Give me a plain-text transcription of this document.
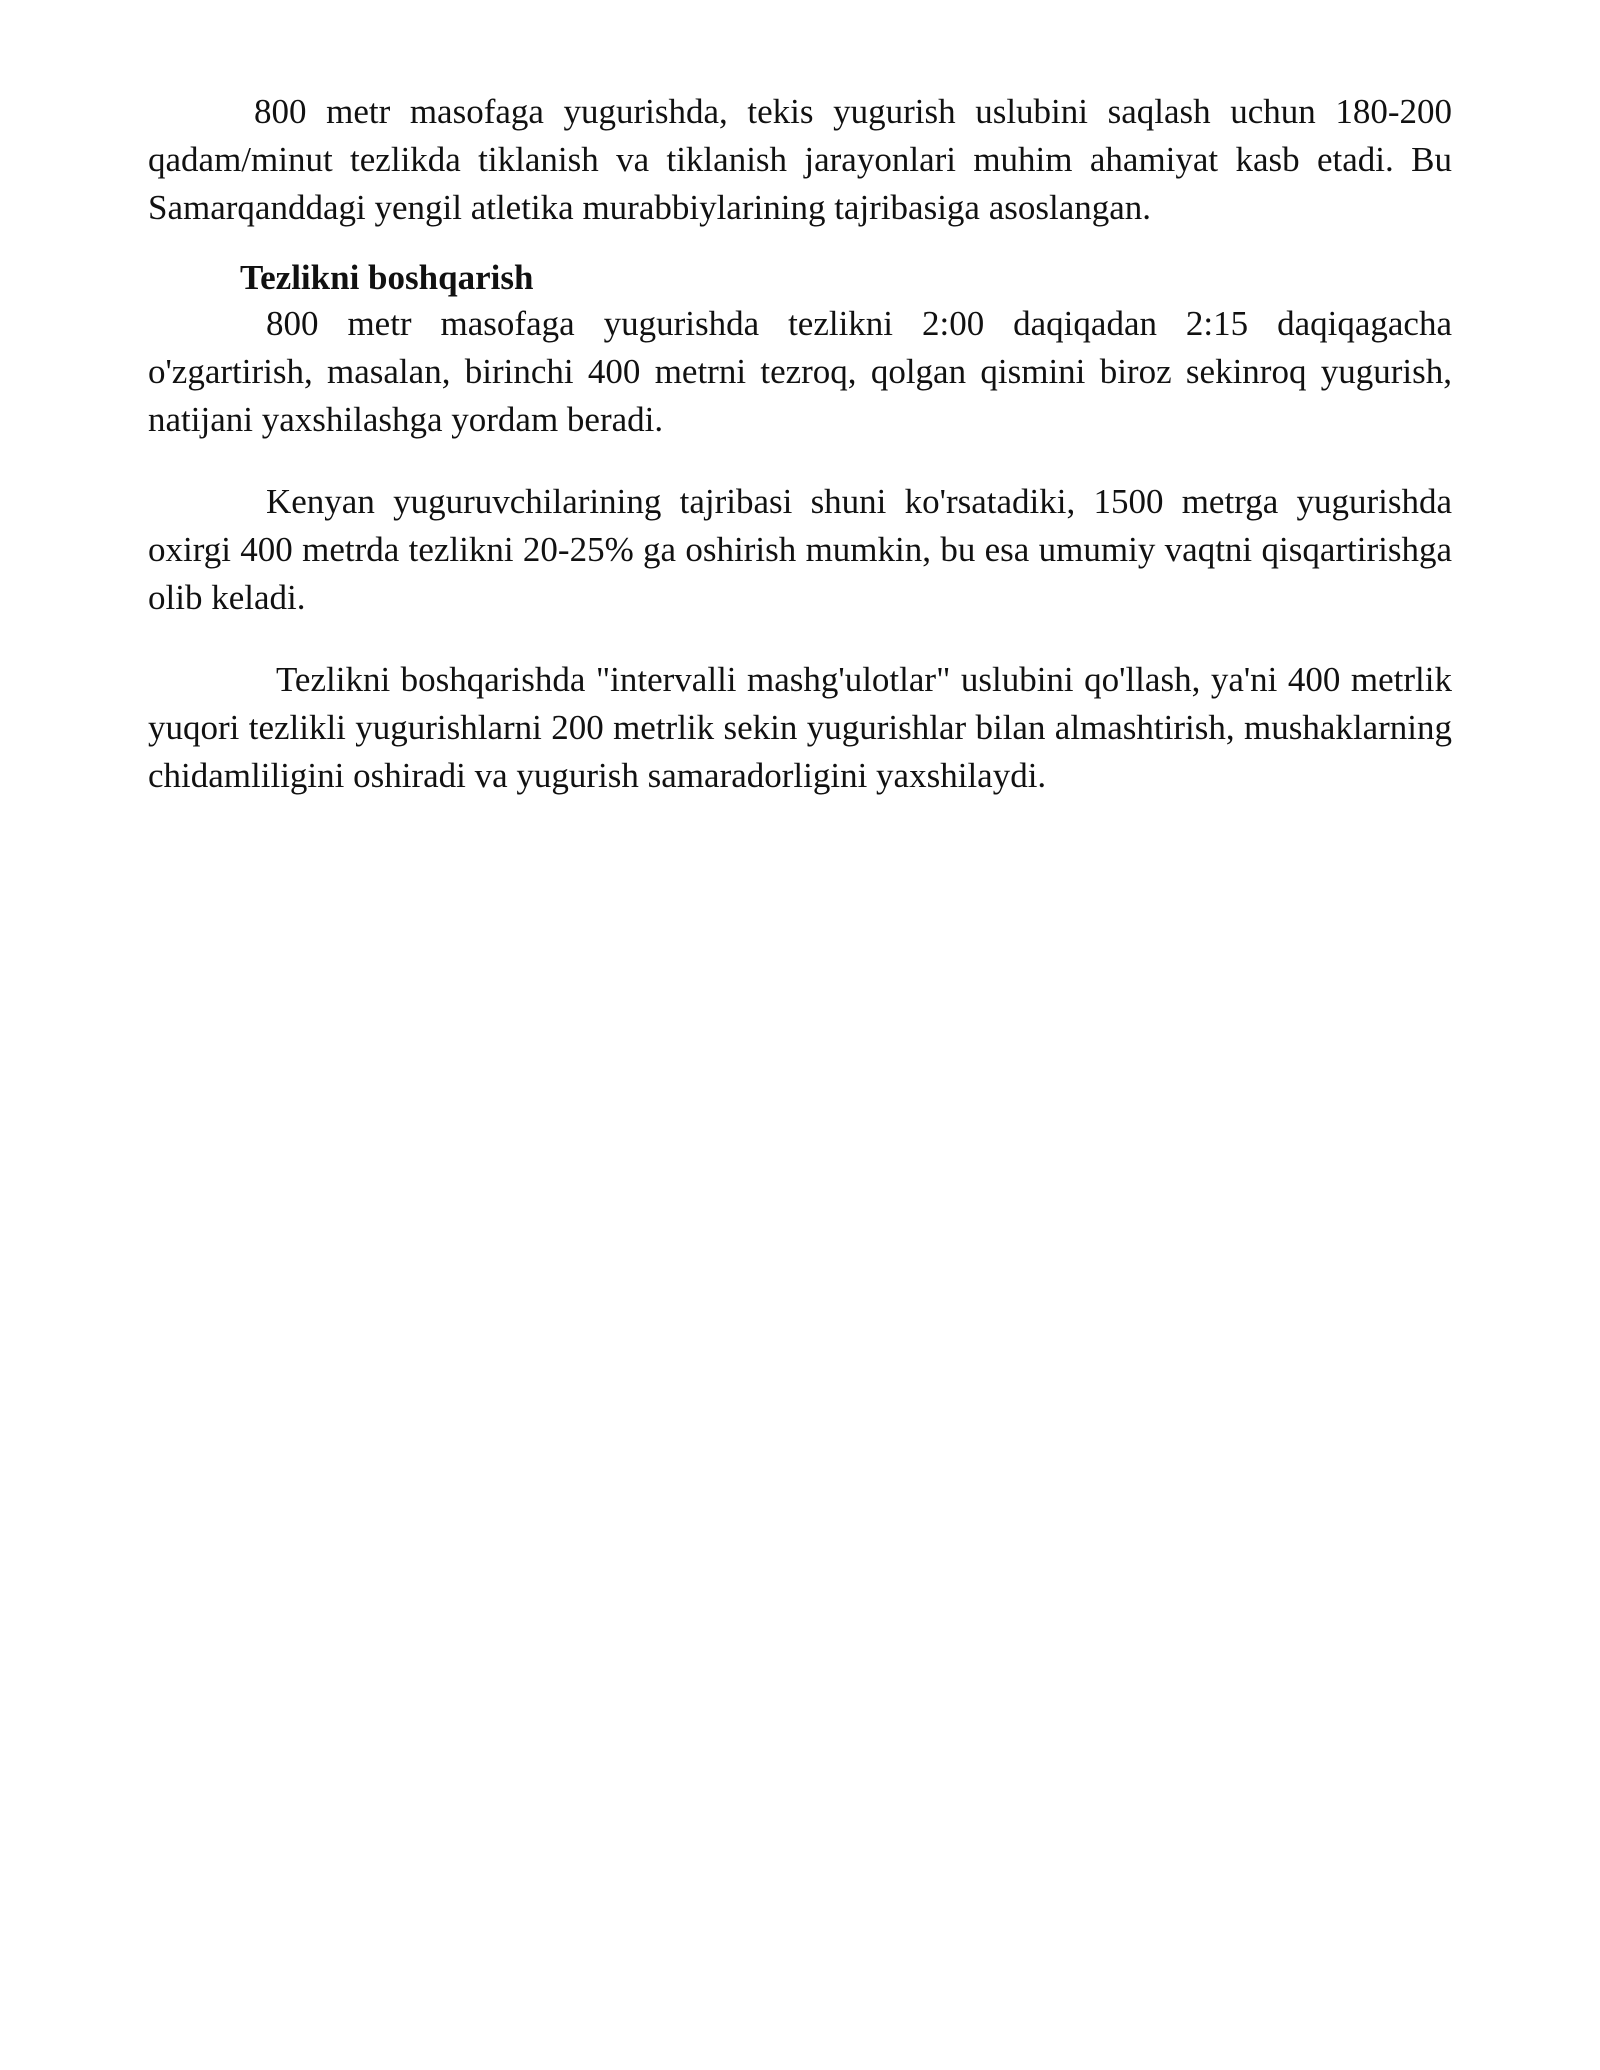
800 metr masofaga yugurishda, tekis yugurish uslubini saqlash uchun 180-200 qadam/minut tezlikda tiklanish va tiklanish jarayonlari muhim ahamiyat kasb etadi. Bu Samarqanddagi yengil atletika murabbiylarining tajribasiga asoslangan.

Tezlikni boshqarish

800 metr masofaga yugurishda tezlikni 2:00 daqiqadan 2:15 daqiqagacha o'zgartirish, masalan, birinchi 400 metrni tezroq, qolgan qismini biroz sekinroq yugurish, natijani yaxshilashga yordam beradi.

Kenyan yuguruvchilarining tajribasi shuni ko'rsatadiki, 1500 metrga yugurishda oxirgi 400 metrda tezlikni 20-25% ga oshirish mumkin, bu esa umumiy vaqtni qisqartirishga olib keladi.

Tezlikni boshqarishda "intervalli mashg'ulotlar" uslubini qo'llash, ya'ni 400 metrlik yuqori tezlikli yugurishlarni 200 metrlik sekin yugurishlar bilan almashtirish, mushaklarning chidamliligini oshiradi va yugurish samaradorligini yaxshilaydi.
